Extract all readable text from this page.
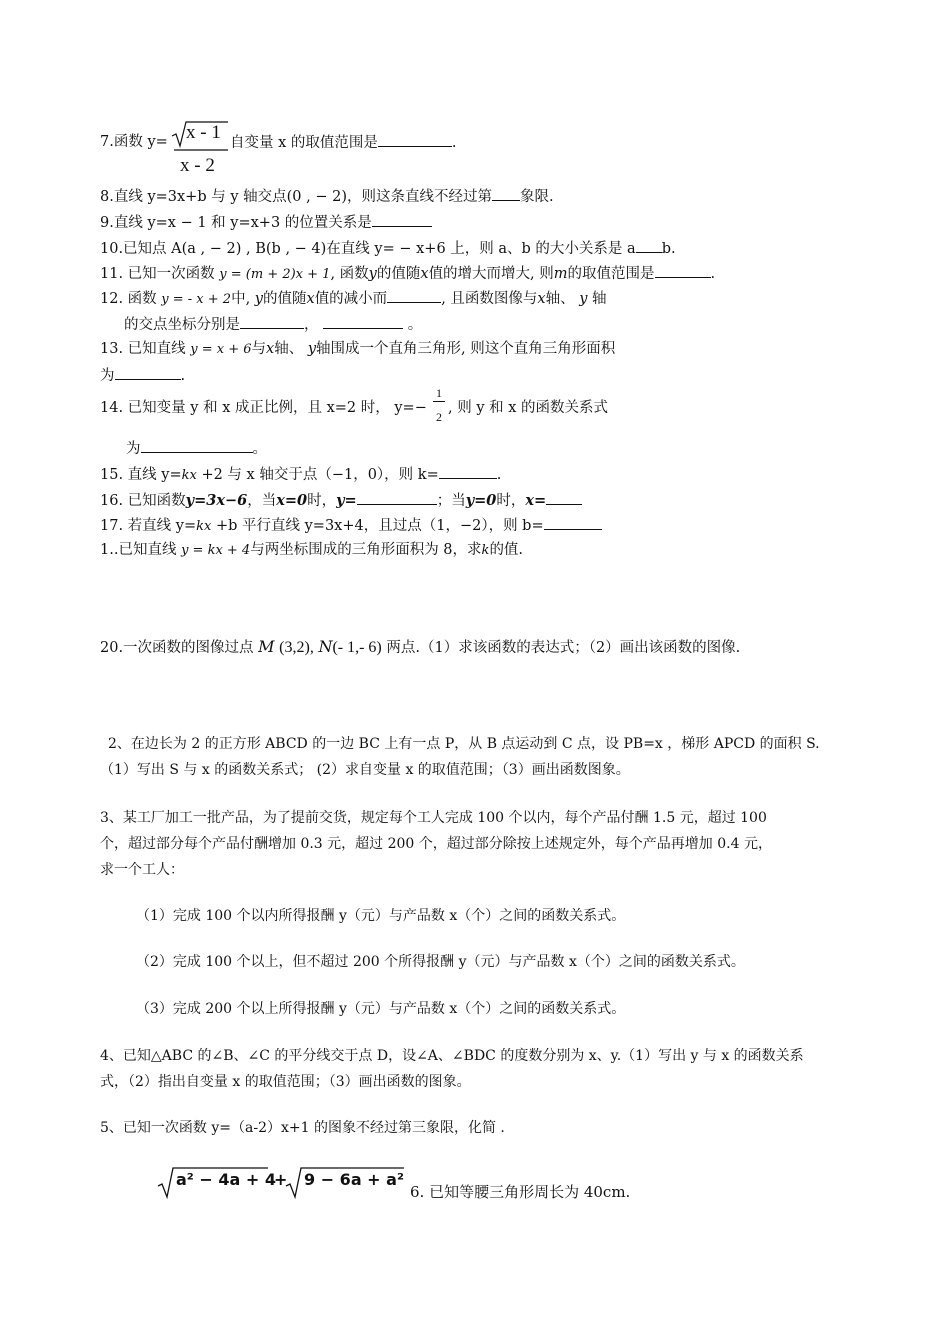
7.函数 y= x - 1
x - 2
自变量 x 的取值范围是	.
8.直线 y=3x+b 与 y 轴交点(0 , − 2)，则这条直线不经过第 象限.
9.直线 y=x − 1 和 y=x+3 的位置关系是
10.已知点 A(a , − 2) , B(b , − 4)在直线 y= − x+6 上，则 a、b 的大小关系是 a b.
11. 已知一次函数 y = (m + 2)x + 1, 函数y的值随x值的增大而增大, 则m的取值范围是	.
12. 函数 y = - x + 2中, y的值随x值的减小而	, 且函数图像与x轴、 y 轴
的交点坐标分别是	，	。
13. 已知直线 y = x + 6与x轴、 y轴围成一个直角三角形, 则这个直角三角形面积
为	.
14. 已知变量 y 和 x 成正比例，且 x=2 时， y=−
1
2
, 则 y 和 x 的函数关系式
为	。
15. 直线 y=kx +2 与 x 轴交于点（−1，0），则 k=	.
16. 已知函数y=3x−6，当x=0时，y=	；当y=0时，x=
17. 若直线 y=kx +b 平行直线 y=3x+4，且过点（1，−2），则 b=
1..已知直线 y = kx + 4与两坐标围成的三角形面积为 8，求k的值.
20.一次函数的图像过点 M (3,2), N(- 1,- 6) 两点.（1）求该函数的表达式；（2）画出该函数的图像.
2、在边长为 2 的正方形 ABCD 的一边 BC 上有一点 P，从 B 点运动到 C 点，设 PB=x ，梯形 APCD 的面积 S.
（1）写出 S 与 x 的函数关系式； (2）求自变量 x 的取值范围；（3）画出函数图象。
3、某工厂加工一批产品，为了提前交货，规定每个工人完成 100 个以内，每个产品付酬 1.5 元，超过 100
个，超过部分每个产品付酬增加 0.3 元，超过 200 个，超过部分除按上述规定外，每个产品再增加 0.4 元，
求一个工人：
（1）完成 100 个以内所得报酬 y（元）与产品数 x（个）之间的函数关系式。
（2）完成 100 个以上，但不超过 200 个所得报酬 y（元）与产品数 x（个）之间的函数关系式。
（3）完成 200 个以上所得报酬 y（元）与产品数 x（个）之间的函数关系式。
4、已知△ABC 的∠B、∠C 的平分线交于点 D，设∠A、∠BDC 的度数分别为 x、y.（1）写出 y 与 x 的函数关系
式，（2）指出自变量 x 的取值范围；（3）画出函数的图象。
5、已知一次函数 y=（a-2）x+1 的图象不经过第三象限，化简 .
a² − 4a + 4
+ 9 − 6a + a²
6. 已知等腰三角形周长为 40cm.
